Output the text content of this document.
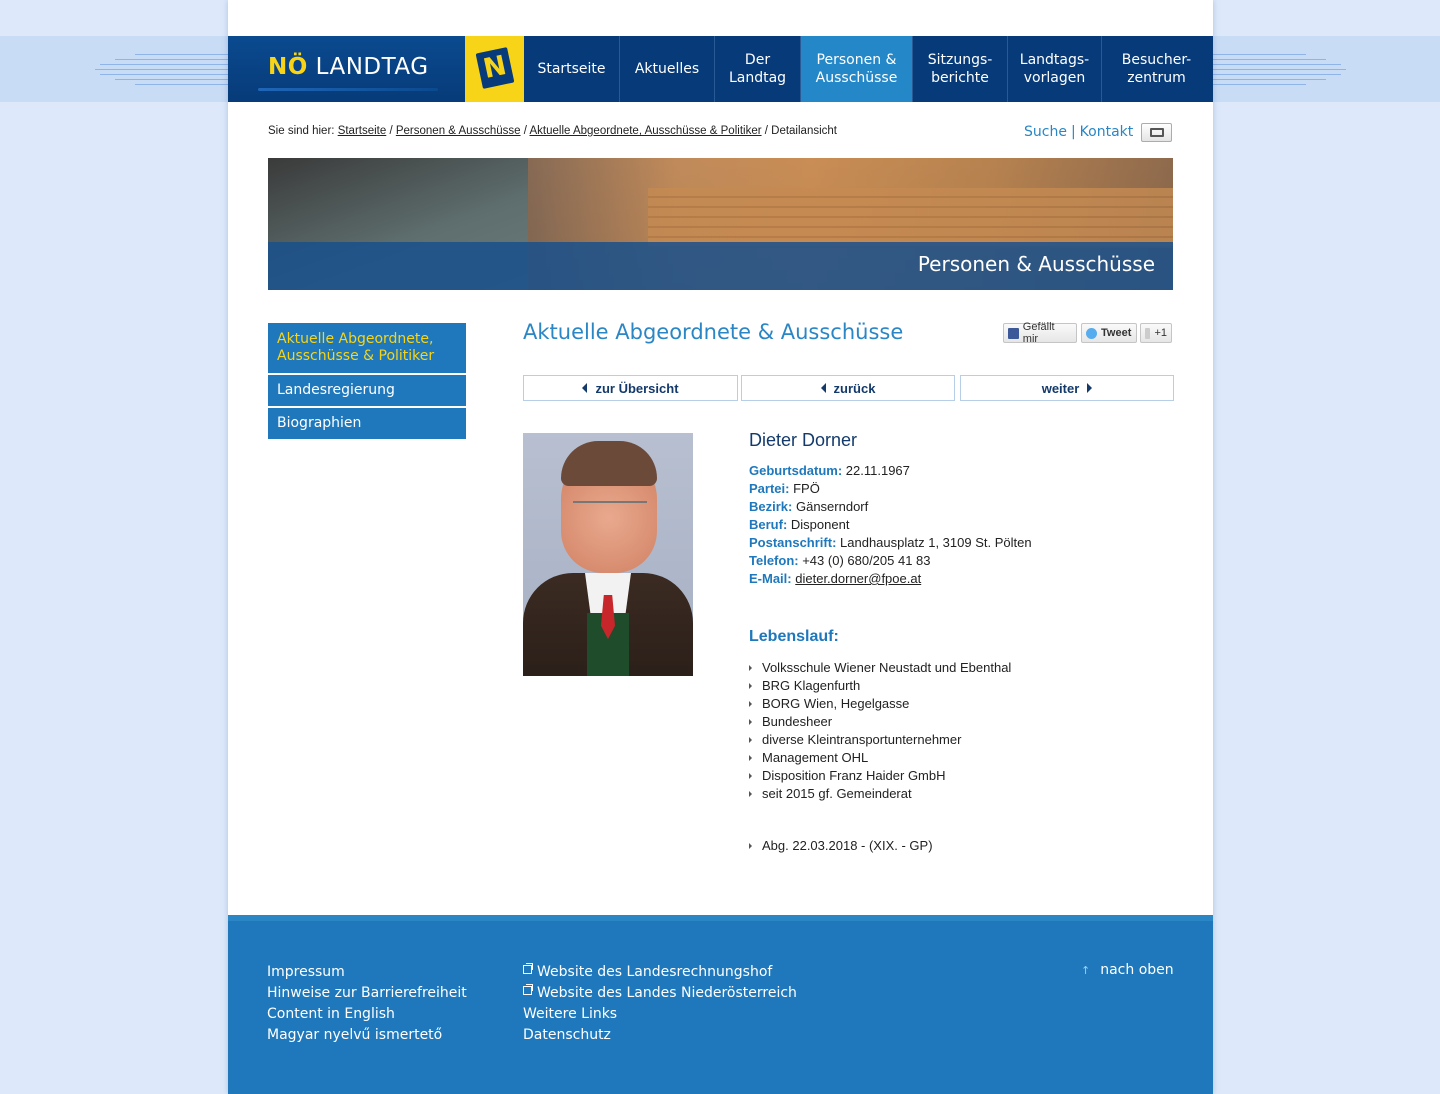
NÖ LANDTAG N	Startseite Aktuelles
Der
Landtag
Personen &
Ausschüsse
Sitzungs-
berichte
Landtags-
vorlagen
Besucher-
zentrum
Sie sind hier: Startseite / Personen & Ausschüsse / Aktuelle Abgeordnete, Ausschüsse & Politiker / Detailansicht	Suche | Kontakt
Personen & Ausschüsse
Aktuelle Abgeordnete, Ausschüsse & Politiker
Landesregierung
Biographien
Aktuelle Abgeordnete & Ausschüsse	Gefällt mir	Tweet +1
zur Übersicht	zurück	weiter
Dieter Dorner
Geburtsdatum: 22.11.1967
Partei: FPÖ
Bezirk: Gänserndorf
Beruf: Disponent
Postanschrift: Landhausplatz 1, 3109 St. Pölten
Telefon: +43 (0) 680/205 41 83
E-Mail: dieter.dorner@fpoe.at
Lebenslauf:
Volksschule Wiener Neustadt und Ebenthal
BRG Klagenfurth
BORG Wien, Hegelgasse
Bundesheer
diverse Kleintransportunternehmer
Management OHL
Disposition Franz Haider GmbH
seit 2015 gf. Gemeinderat
Abg. 22.03.2018 - (XIX. - GP)
Impressum
Hinweise zur Barrierefreiheit
Content in English
Magyar nyelvű ismertető
Website des Landesrechnungshof
Website des Landes Niederösterreich
Weitere Links
Datenschutz
↑ nach oben
